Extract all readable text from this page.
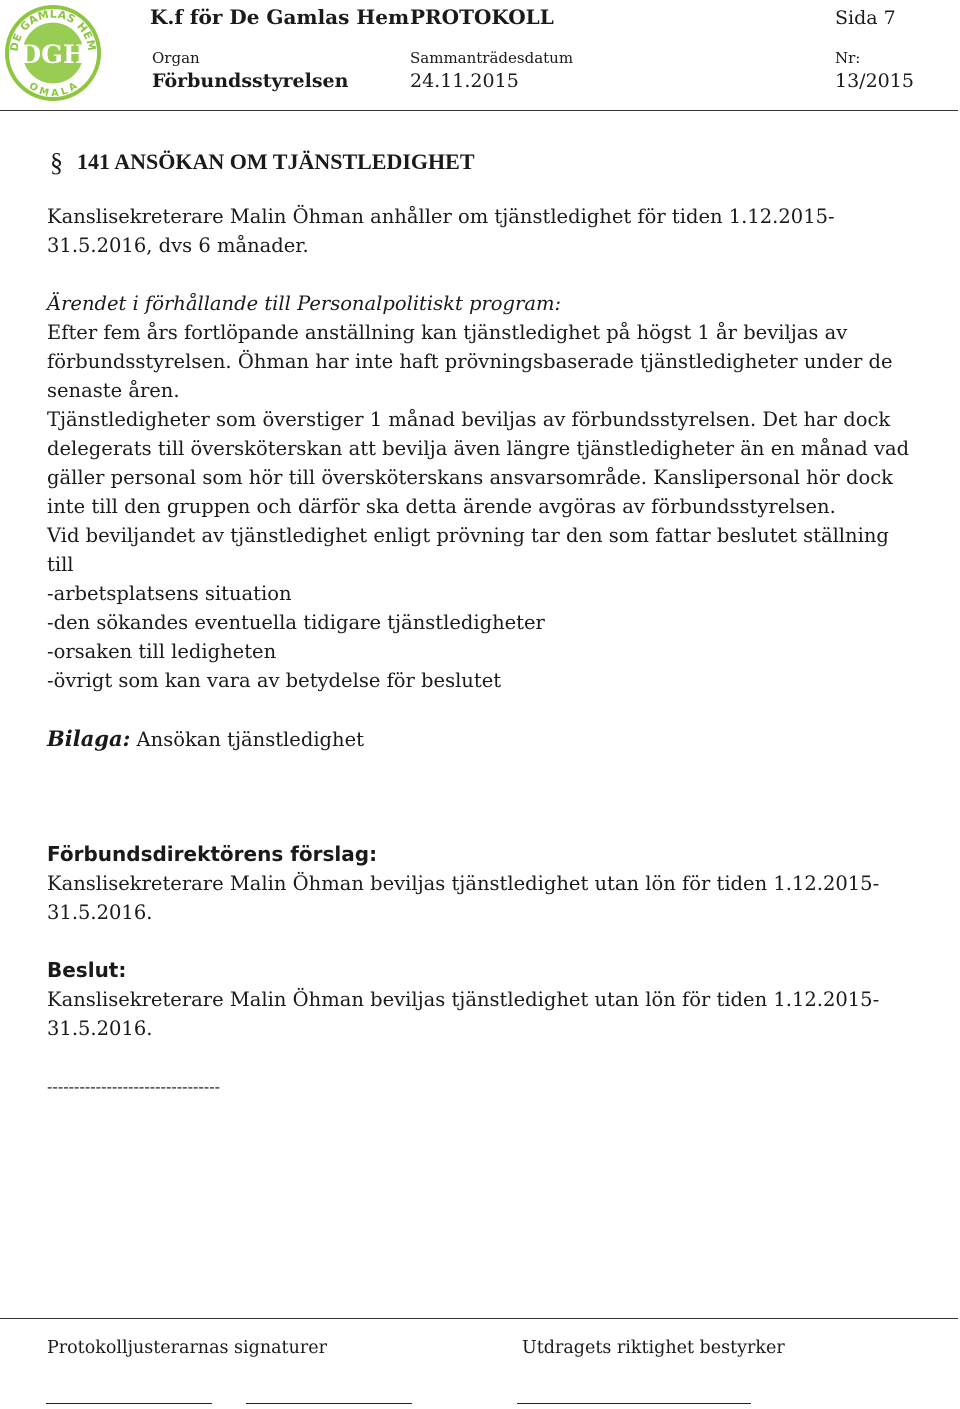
DE GAMLAS HEM
O M A L A
DGH
K.f för De Gamlas Hem PROTOKOLL	Sida 7
Organ	Sammanträdesdatum	Nr:
Förbundsstyrelsen	24.11.2015	13/2015
§ 141 ANSÖKAN OM TJÄNSTLEDIGHET
Kanslisekreterare Malin Öhman anhåller om tjänstledighet för tiden 1.12.2015-
31.5.2016, dvs 6 månader.
Ärendet i förhållande till Personalpolitiskt program:
Efter fem års fortlöpande anställning kan tjänstledighet på högst 1 år beviljas av
förbundsstyrelsen. Öhman har inte haft prövningsbaserade tjänstledigheter under de
senaste åren.
Tjänstledigheter som överstiger 1 månad beviljas av förbundsstyrelsen. Det har dock
delegerats till översköterskan att bevilja även längre tjänstledigheter än en månad vad
gäller personal som hör till översköterskans ansvarsområde. Kanslipersonal hör dock
inte till den gruppen och därför ska detta ärende avgöras av förbundsstyrelsen.
Vid beviljandet av tjänstledighet enligt prövning tar den som fattar beslutet ställning
till
-arbetsplatsens situation
-den sökandes eventuella tidigare tjänstledigheter
-orsaken till ledigheten
-övrigt som kan vara av betydelse för beslutet
Bilaga: Ansökan tjänstledighet
Förbundsdirektörens förslag:
Kanslisekreterare Malin Öhman beviljas tjänstledighet utan lön för tiden 1.12.2015-
31.5.2016.
Beslut:
Kanslisekreterare Malin Öhman beviljas tjänstledighet utan lön för tiden 1.12.2015-
31.5.2016.
--------------------------------
Protokolljusterarnas signaturer	Utdragets riktighet bestyrker
